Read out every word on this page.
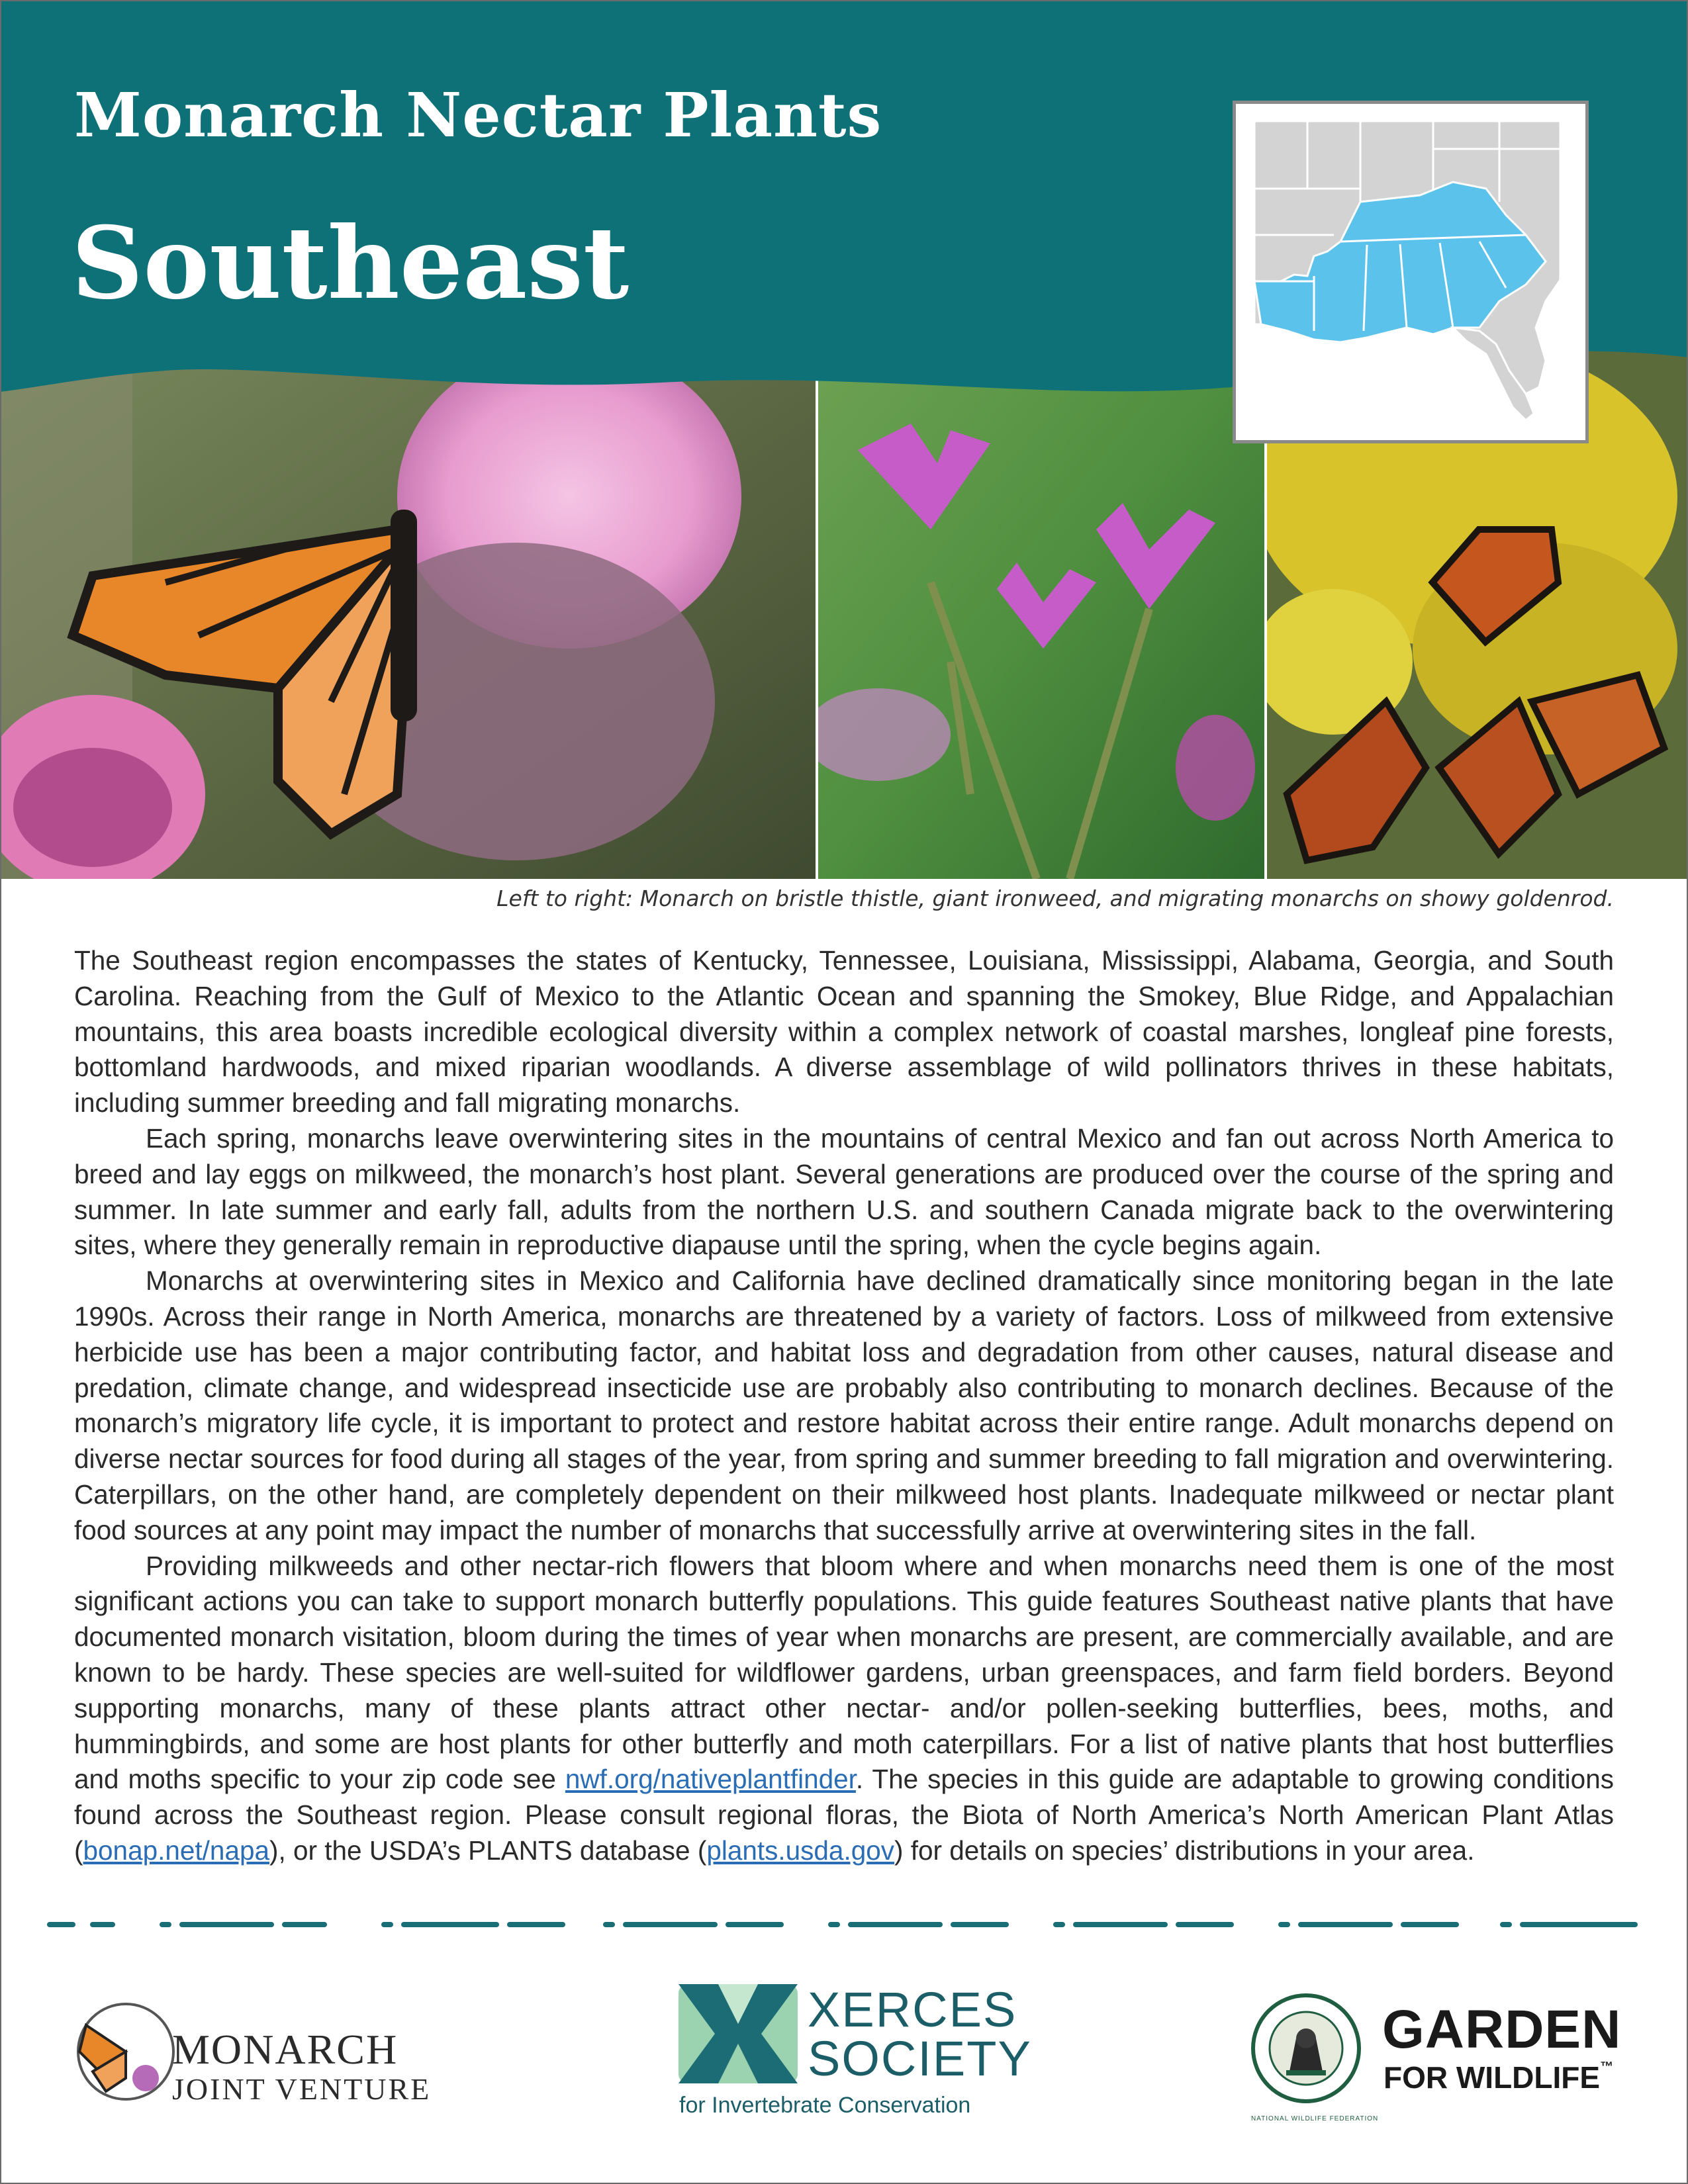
Monarch Nectar Plants
Southeast
Left to right: Monarch on bristle thistle, giant ironweed, and migrating monarchs on showy goldenrod.

The Southeast region encompasses the states of Kentucky, Tennessee, Louisiana, Mississippi, Alabama, Georgia, and South Carolina. Reaching from the Gulf of Mexico to the Atlantic Ocean and spanning the Smokey, Blue Ridge, and Appalachian mountains, this area boasts incredible ecological diversity within a complex network of coastal marshes, longleaf pine forests, bottomland hardwoods, and mixed riparian woodlands. A diverse assemblage of wild pollinators thrives in these habitats, including summer breeding and fall migrating monarchs.

Each spring, monarchs leave overwintering sites in the mountains of central Mexico and fan out across North America to breed and lay eggs on milkweed, the monarch’s host plant. Several generations are produced over the course of the spring and summer. In late summer and early fall, adults from the northern U.S. and southern Canada migrate back to the overwintering sites, where they generally remain in reproductive diapause until the spring, when the cycle begins again.

Monarchs at overwintering sites in Mexico and California have declined dramatically since monitoring began in the late 1990s. Across their range in North America, monarchs are threatened by a variety of factors. Loss of milkweed from extensive herbicide use has been a major contributing factor, and habitat loss and degradation from other causes, natural disease and predation, climate change, and widespread insecticide use are probably also contributing to monarch declines. Because of the monarch’s migratory life cycle, it is important to protect and restore habitat across their entire range. Adult monarchs depend on diverse nectar sources for food during all stages of the year, from spring and summer breeding to fall migration and overwintering. Caterpillars, on the other hand, are completely dependent on their milkweed host plants. Inadequate milkweed or nectar plant food sources at any point may impact the number of monarchs that successfully arrive at overwintering sites in the fall.

Providing milkweeds and other nectar-rich flowers that bloom where and when monarchs need them is one of the most significant actions you can take to support monarch butterfly populations. This guide features Southeast native plants that have documented monarch visitation, bloom during the times of year when monarchs are present, are commercially available, and are known to be hardy. These species are well-suited for wildflower gardens, urban greenspaces, and farm field borders. Beyond supporting monarchs, many of these plants attract other nectar- and/or pollen-seeking butterflies, bees, moths, and hummingbirds, and some are host plants for other butterfly and moth caterpillars. For a list of native plants that host butterflies and moths specific to your zip code see nwf.org/nativeplantfinder. The species in this guide are adaptable to growing conditions found across the Southeast region. Please consult regional floras, the Biota of North America’s North American Plant Atlas (bonap.net/napa), or the USDA’s PLANTS database (plants.usda.gov) for details on species’ distributions in your area.

MONARCH
JOINT VENTURE
XERCES
SOCIETY
for Invertebrate Conservation
GARDEN
FOR WILDLIFE™
NATIONAL WILDLIFE FEDERATION
